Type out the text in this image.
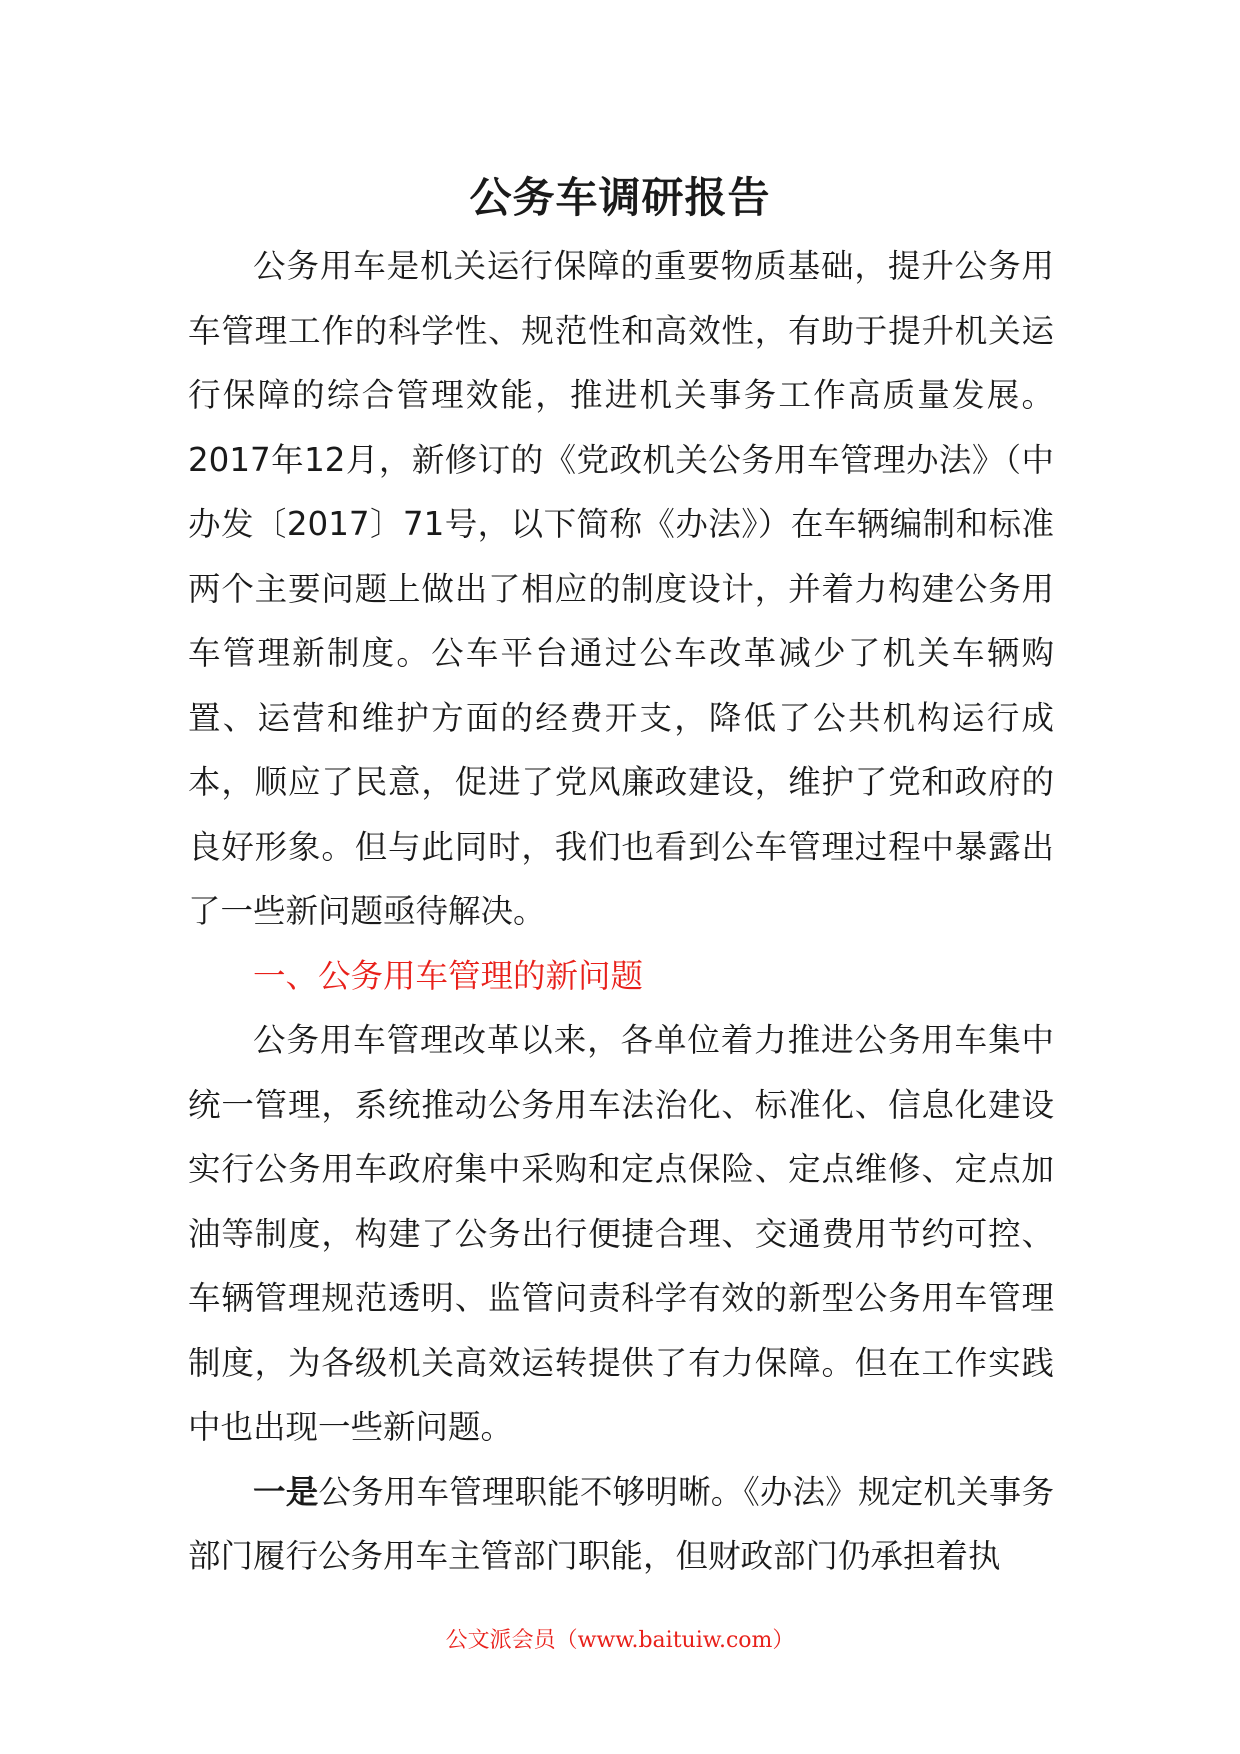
公务车调研报告

公务用车是机关运行保障的重要物质基础，提升公务用车管理工作的科学性、规范性和高效性，有助于提升机关运行保障的综合管理效能，推进机关事务工作高质量发展。2017年12月，新修订的《党政机关公务用车管理办法》（中办发〔2017〕71号，以下简称《办法》）在车辆编制和标准两个主要问题上做出了相应的制度设计，并着力构建公务用车管理新制度。公车平台通过公车改革减少了机关车辆购置、运营和维护方面的经费开支，降低了公共机构运行成本，顺应了民意，促进了党风廉政建设，维护了党和政府的良好形象。但与此同时，我们也看到公车管理过程中暴露出了一些新问题亟待解决。

一、公务用车管理的新问题

公务用车管理改革以来，各单位着力推进公务用车集中统一管理，系统推动公务用车法治化、标准化、信息化建设实行公务用车政府集中采购和定点保险、定点维修、定点加油等制度，构建了公务出行便捷合理、交通费用节约可控、车辆管理规范透明、监管问责科学有效的新型公务用车管理制度，为各级机关高效运转提供了有力保障。但在工作实践中也出现一些新问题。

一是公务用车管理职能不够明晰。《办法》规定机关事务部门履行公务用车主管部门职能，但财政部门仍承担着执

公文派会员（www.baituiw.com）
